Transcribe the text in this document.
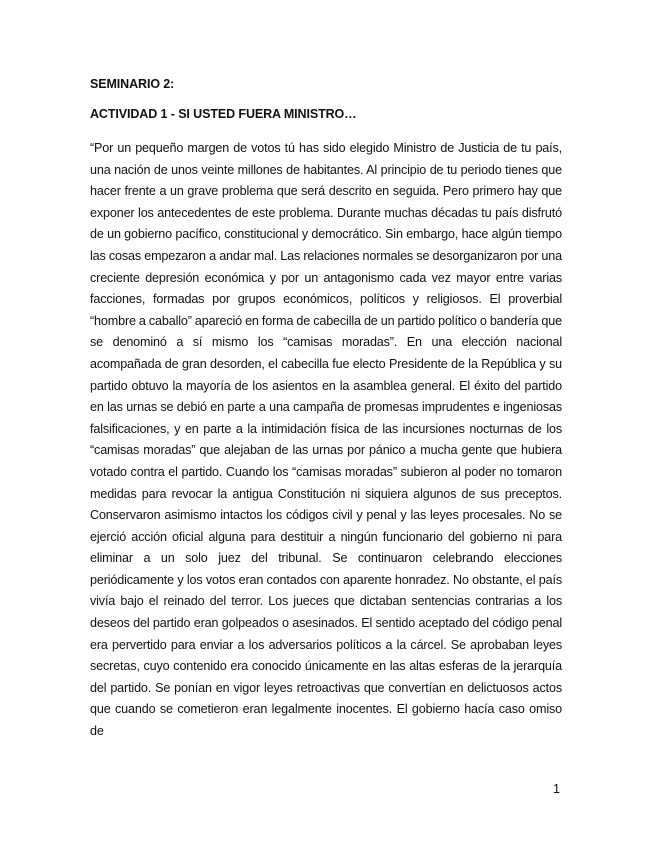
SEMINARIO 2:

ACTIVIDAD 1 - SI USTED FUERA MINISTRO…

“Por un pequeño margen de votos tú has sido elegido Ministro de Justicia de tu país, una nación de unos veinte millones de habitantes. Al principio de tu periodo tienes que hacer frente a un grave problema que será descrito en seguida. Pero primero hay que exponer los antecedentes de este problema. Durante muchas décadas tu país disfrutó de un gobierno pacífico, constitucional y democrático. Sin embargo, hace algún tiempo las cosas empezaron a andar mal. Las relaciones normales se desorganizaron por una creciente depresión económica y por un antagonismo cada vez mayor entre varias facciones, formadas por grupos económicos, políticos y religiosos. El proverbial “hombre a caballo” apareció en forma de cabecilla de un partido político o bandería que se denominó a sí mismo los “camisas moradas”. En una elección nacional acompañada de gran desorden, el cabecilla fue electo Presidente de la República y su partido obtuvo la mayoría de los asientos en la asamblea general. El éxito del partido en las urnas se debió en parte a una campaña de promesas imprudentes e ingeniosas falsificaciones, y en parte a la intimidación física de las incursiones nocturnas de los “camisas moradas” que alejaban de las urnas por pánico a mucha gente que hubiera votado contra el partido. Cuando los “camisas moradas” subieron al poder no tomaron medidas para revocar la antigua Constitución ni siquiera algunos de sus preceptos. Conservaron asimismo intactos los códigos civil y penal y las leyes procesales. No se ejerció acción oficial alguna para destituir a ningún funcionario del gobierno ni para eliminar a un solo juez del tribunal. Se continuaron celebrando elecciones periódicamente y los votos eran contados con aparente honradez. No obstante, el país vivía bajo el reinado del terror. Los jueces que dictaban sentencias contrarias a los deseos del partido eran golpeados o asesinados. El sentido aceptado del código penal era pervertido para enviar a los adversarios políticos a la cárcel. Se aprobaban leyes secretas, cuyo contenido era conocido únicamente en las altas esferas de la jerarquía del partido. Se ponían en vigor leyes retroactivas que convertían en delictuosos actos que cuando se cometieron eran legalmente inocentes. El gobierno hacía caso omiso de

1
